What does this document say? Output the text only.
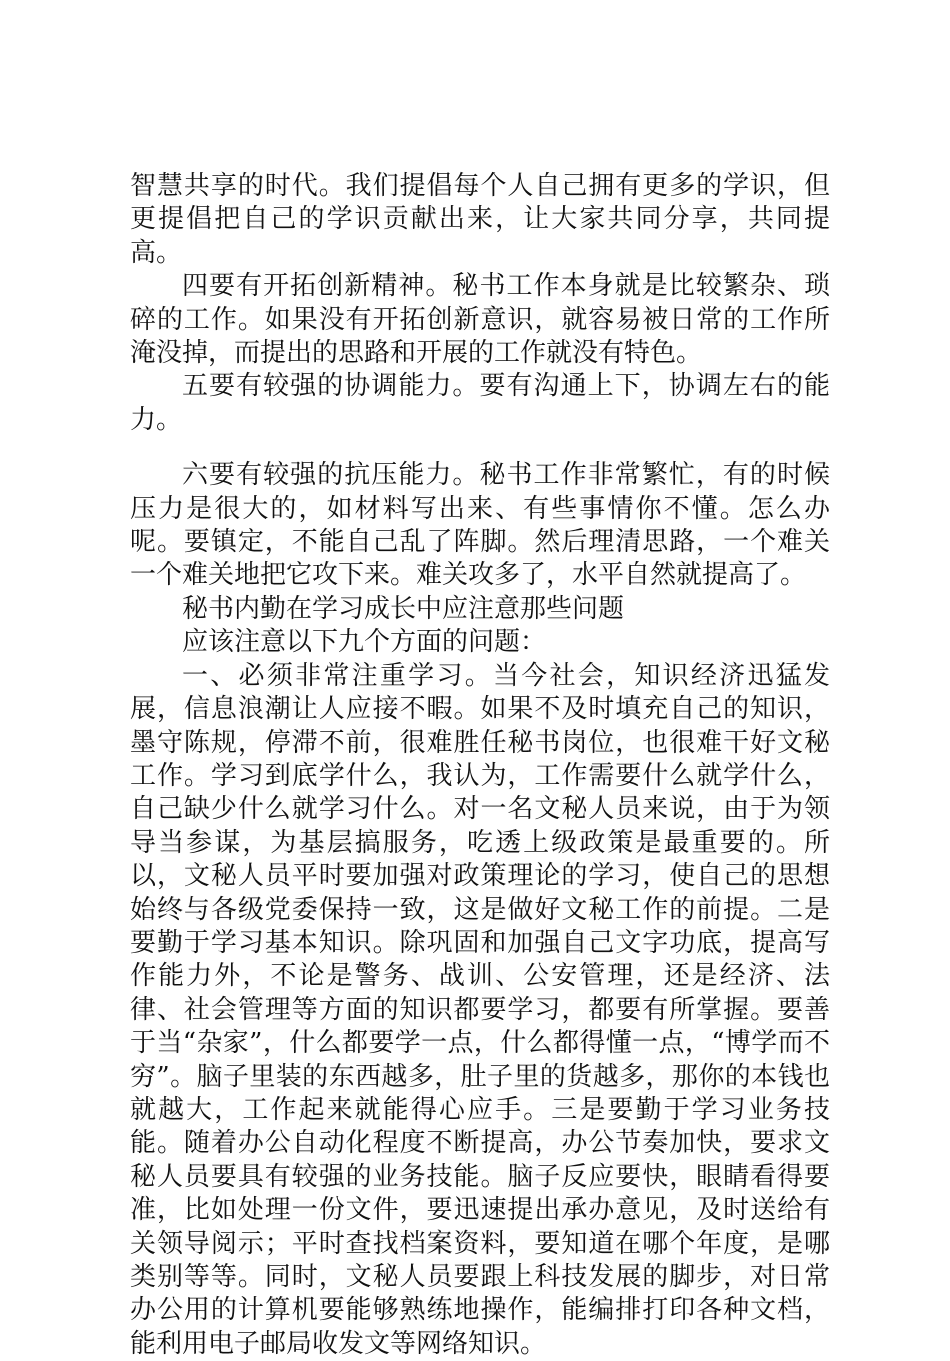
智慧共享的时代。我们提倡每个人自己拥有更多的学识，但更提倡把自己的学识贡献出来，让大家共同分享，共同提高。

四要有开拓创新精神。秘书工作本身就是比较繁杂、琐碎的工作。如果没有开拓创新意识，就容易被日常的工作所淹没掉，而提出的思路和开展的工作就没有特色。

五要有较强的协调能力。要有沟通上下，协调左右的能力。

六要有较强的抗压能力。秘书工作非常繁忙，有的时候压力是很大的，如材料写出来、有些事情你不懂。怎么办呢。要镇定，不能自己乱了阵脚。然后理清思路，一个难关一个难关地把它攻下来。难关攻多了，水平自然就提高了。

秘书内勤在学习成长中应注意那些问题

应该注意以下九个方面的问题：

一、必须非常注重学习。当今社会，知识经济迅猛发展，信息浪潮让人应接不暇。如果不及时填充自己的知识，墨守陈规，停滞不前，很难胜任秘书岗位，也很难干好文秘工作。学习到底学什么，我认为，工作需要什么就学什么，自己缺少什么就学习什么。对一名文秘人员来说，由于为领导当参谋，为基层搞服务，吃透上级政策是最重要的。所以，文秘人员平时要加强对政策理论的学习，使自己的思想始终与各级党委保持一致，这是做好文秘工作的前提。二是要勤于学习基本知识。除巩固和加强自己文字功底，提高写作能力外，不论是警务、战训、公安管理，还是经济、法律、社会管理等方面的知识都要学习，都要有所掌握。要善于当“杂家”，什么都要学一点，什么都得懂一点，“博学而不穷”。脑子里装的东西越多，肚子里的货越多，那你的本钱也就越大，工作起来就能得心应手。三是要勤于学习业务技能。随着办公自动化程度不断提高，办公节奏加快，要求文秘人员要具有较强的业务技能。脑子反应要快，眼睛看得要准，比如处理一份文件，要迅速提出承办意见，及时送给有关领导阅示；平时查找档案资料，要知道在哪个年度，是哪类别等等。同时，文秘人员要跟上科技发展的脚步，对日常办公用的计算机要能够熟练地操作，能编排打印各种文档，能利用电子邮局收发文等网络知识。
